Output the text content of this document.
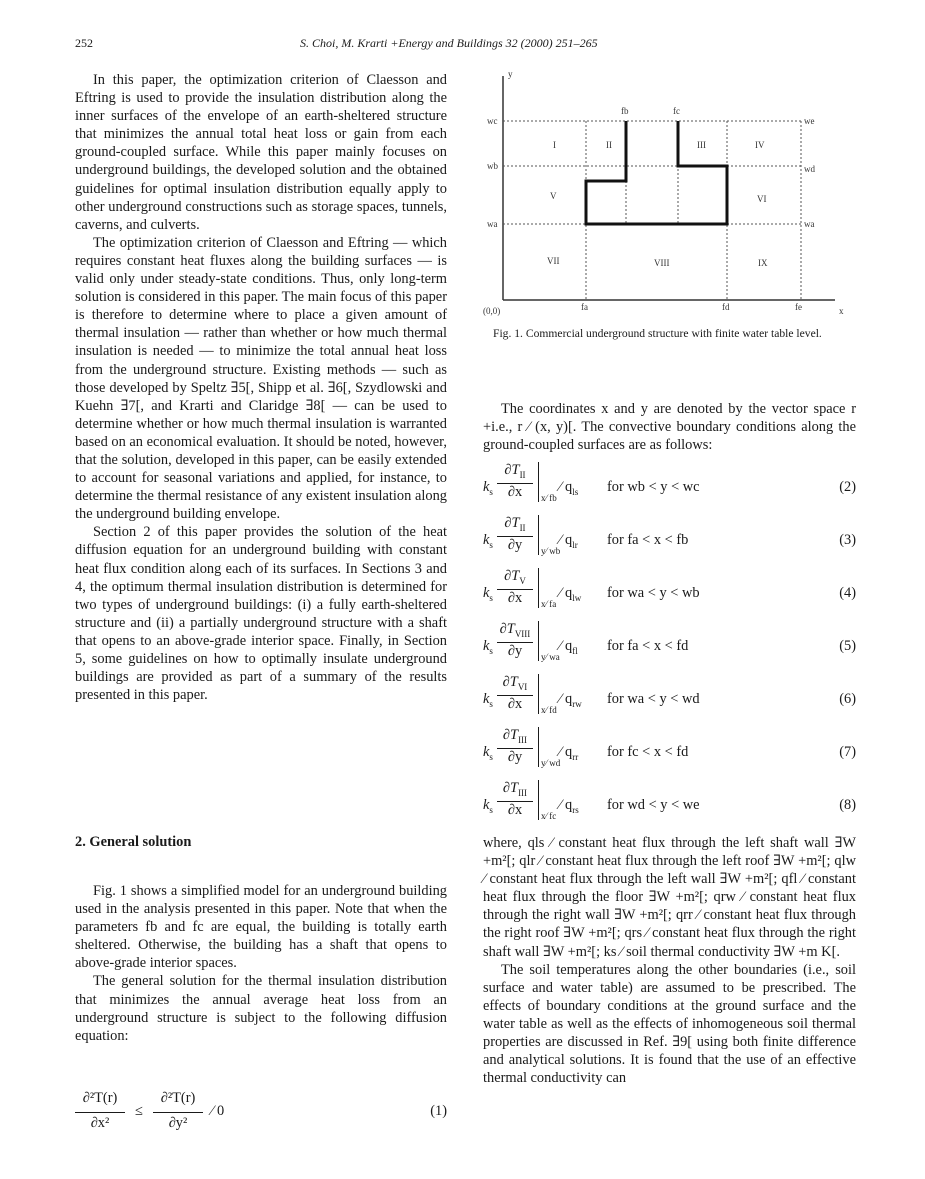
252	S. Choi, M. Krarti +Energy and Buildings 32 (2000) 251–265

In this paper, the optimization criterion of Claesson and Eftring is used to provide the insulation distribution along the inner surfaces of the envelope of an earth-sheltered structure that minimizes the annual total heat loss or gain from each ground-coupled surface. While this paper mainly focuses on underground buildings, the developed solution and the obtained guidelines for optimal insulation distribution equally apply to other underground constructions such as storage spaces, tunnels, caverns, and culverts.

The optimization criterion of Claesson and Eftring — which requires constant heat fluxes along the building surfaces — is valid only under steady-state conditions. Thus, only long-term solution is considered in this paper. The main focus of this paper is therefore to determine where to place a given amount of thermal insulation — rather than whether or how much thermal insulation is needed — to minimize the total annual heat loss from the underground structure. Existing methods — such as those developed by Speltz ∃5[, Shipp et al. ∃6[, Szydlowski and Kuehn ∃7[, and Krarti and Claridge ∃8[ — can be used to determine whether or how much thermal insulation is warranted based on an economical evaluation. It should be noted, however, that the solution, developed in this paper, can be easily extended to account for seasonal variations and applied, for instance, to determine the thermal resistance of any existent insulation along the underground building envelope.

Section 2 of this paper provides the solution of the heat diffusion equation for an underground building with constant heat flux condition along each of its surfaces. In Sections 3 and 4, the optimum thermal insulation distribution is determined for two types of underground buildings: (i) a fully earth-sheltered structure and (ii) a partially underground structure with a shaft that opens to an above-grade interior space. Finally, in Section 5, some guidelines on how to optimally insulate underground buildings are provided as part of a summary of the results presented in this paper.

2. General solution

Fig. 1 shows a simplified model for an underground building used in the analysis presented in this paper. Note that when the parameters fb and fc are equal, the building is totally earth sheltered. Otherwise, the building has a shaft that opens to above-grade interior spaces.

The general solution for the thermal insulation distribution that minimizes the annual average heat loss from an underground structure is subject to the following diffusion equation:

∂²T(r)
∂x²
≤
∂²T(r)
∂y²
⁄ 0	(1)
y
x
(0,0)
wc
wb
wa
we
wd
wa
fb	fc
fa	fd	fe
I	II	III	IV
V	VI
VII	VIII	IX
Fig. 1. Commercial underground structure with finite water table level.

The coordinates x and y are denoted by the vector space r +i.e., r ⁄ (x, y)[. The convective boundary conditions along the ground-coupled surfaces are as follows:

$k_s$
$\partial T_{II}$
∂x	x⁄ fb
⁄ $q_{ls}$ for wb < y < wc	(2)
$k_s$
$\partial T_{II}$
∂y	y⁄ wb
⁄ $q_{lr}$ for fa < x < fb	(3)
$k_s$
$\partial T_V$
∂x	x⁄ fa
⁄ $q_{lw}$ for wa < y < wb	(4)
$k_s$
$\partial T_{VIII}$
∂y	y⁄ wa
⁄ $q_{fl}$ for fa < x < fd	(5)
$k_s$
$\partial T_{VI}$
∂x	x⁄ fd
⁄ $q_{rw}$ for wa < y < wd	(6)
$k_s$
$\partial T_{III}$
∂y	y⁄ wd
⁄ $q_{rr}$ for fc < x < fd	(7)
$k_s$
$\partial T_{III}$
∂x	x⁄ fc
⁄ $q_{rs}$ for wd < y < we	(8)

where, qls ⁄ constant heat flux through the left shaft wall ∃W +m²[; qlr ⁄ constant heat flux through the left roof ∃W +m²[; qlw ⁄ constant heat flux through the left wall ∃W +m²[; qfl ⁄ constant heat flux through the floor ∃W +m²[; qrw ⁄ constant heat flux through the right wall ∃W +m²[; qrr ⁄ constant heat flux through the right roof ∃W +m²[; qrs ⁄ constant heat flux through the right shaft wall ∃W +m²[; ks ⁄ soil thermal conductivity ∃W +m K[.

The soil temperatures along the other boundaries (i.e., soil surface and water table) are assumed to be prescribed. The effects of boundary conditions at the ground surface and the water table as well as the effects of inhomogeneous soil thermal properties are discussed in Ref. ∃9[ using both finite difference and analytical solutions. It is found that the use of an effective thermal conductivity can
